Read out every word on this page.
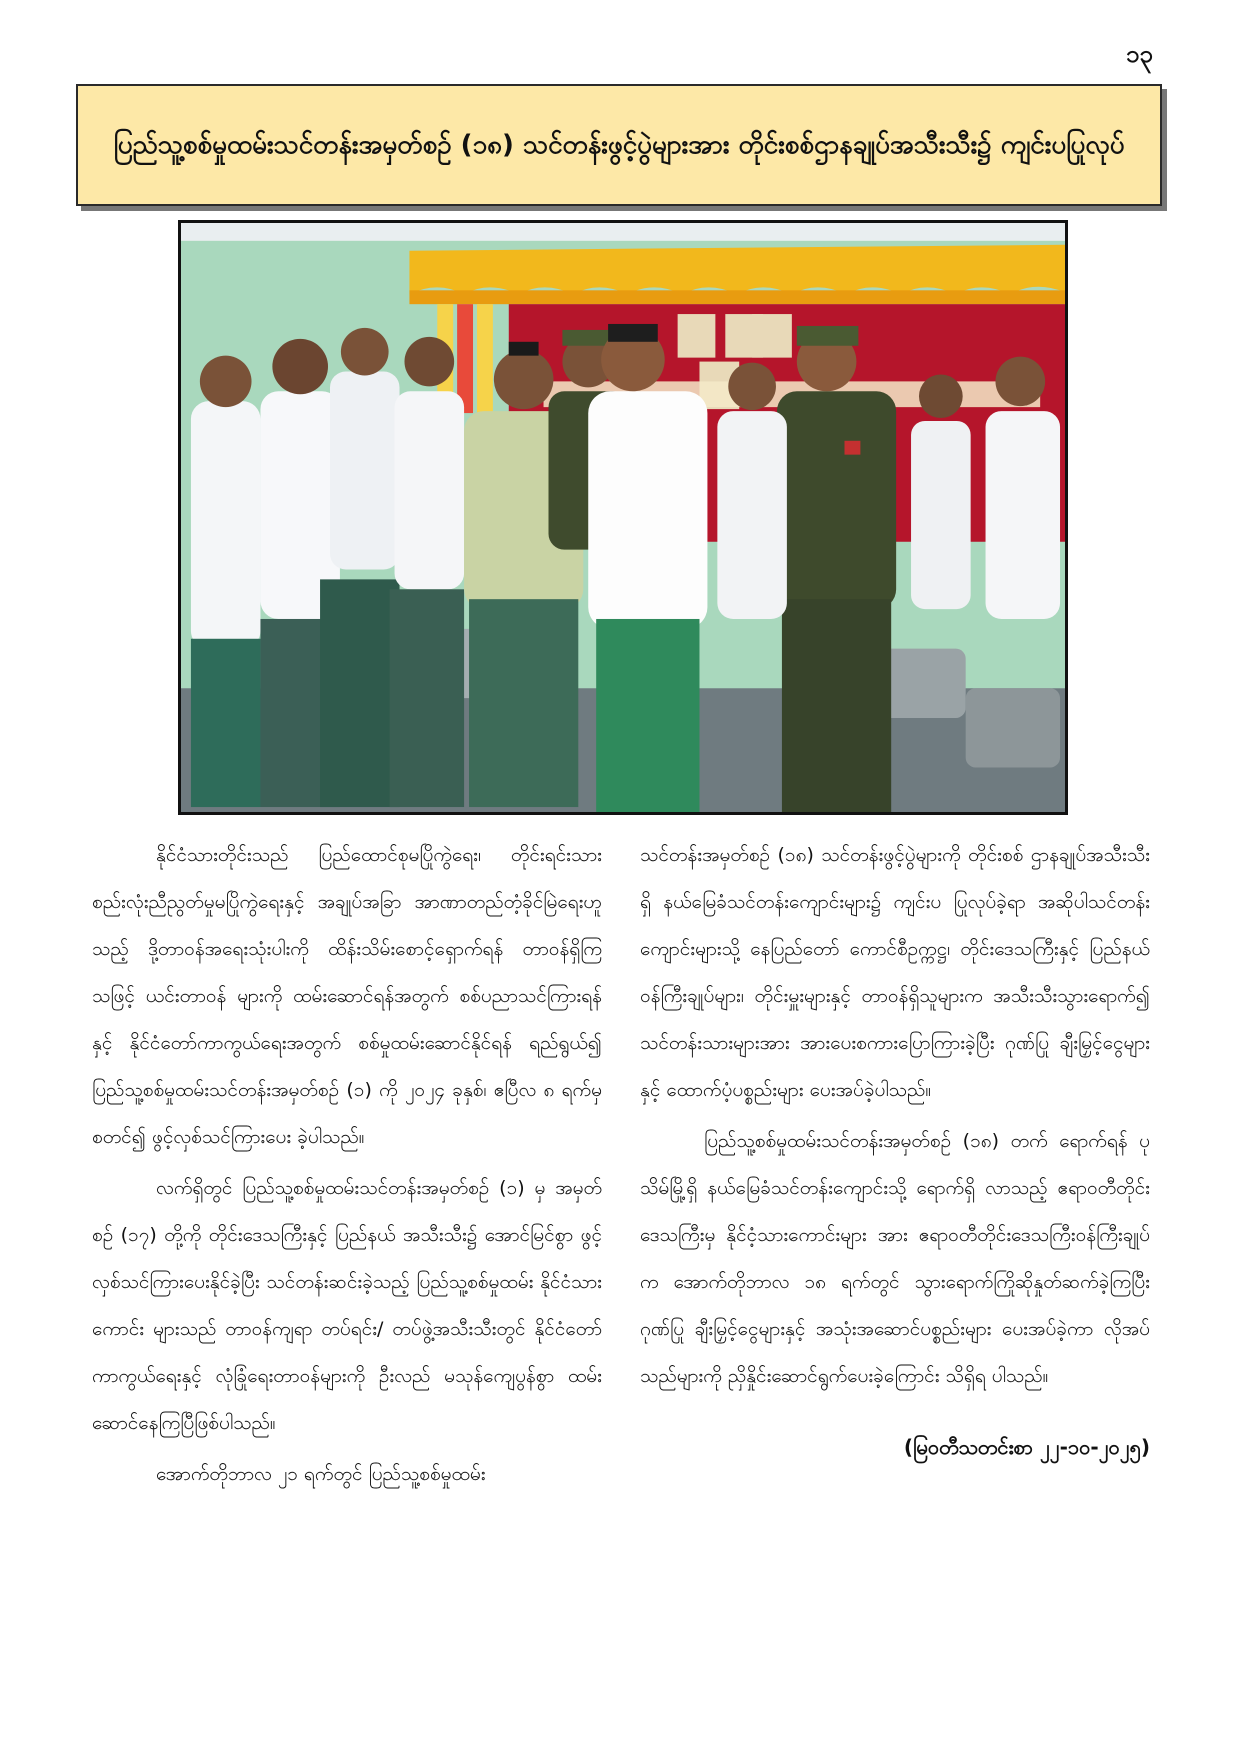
၁၃
ပြည်သူ့စစ်မှုထမ်းသင်တန်းအမှတ်စဉ် (၁၈) သင်တန်းဖွင့်ပွဲများအား တိုင်းစစ်ဌာနချုပ်အသီးသီး၌ ကျင်းပပြုလုပ်

နိုင်ငံသားတိုင်းသည် ပြည်ထောင်စုမပြိုကွဲရေး၊ တိုင်းရင်းသားစည်းလုံးညီညွတ်မှုမပြိုကွဲရေးနှင့် အချုပ်အခြာ အာဏာတည်တံ့ခိုင်မြဲရေးဟူသည့် ဒို့တာဝန်အရေးသုံးပါးကို ထိန်းသိမ်းစောင့်ရှောက်ရန် တာဝန်ရှိကြသဖြင့် ယင်းတာဝန် များကို ထမ်းဆောင်ရန်အတွက် စစ်ပညာသင်ကြားရန်နှင့် နိုင်ငံတော်ကာကွယ်ရေးအတွက် စစ်မှုထမ်းဆောင်နိုင်ရန် ရည်ရွယ်၍ ပြည်သူ့စစ်မှုထမ်းသင်တန်းအမှတ်စဉ် (၁) ကို ၂၀၂၄ ခုနှစ်၊ ဧပြီလ ၈ ရက်မှစတင်၍ ဖွင့်လှစ်သင်ကြားပေး ခဲ့ပါသည်။

လက်ရှိတွင် ပြည်သူ့စစ်မှုထမ်းသင်တန်းအမှတ်စဉ် (၁) မှ အမှတ်စဉ် (၁၇) တို့ကို တိုင်းဒေသကြီးနှင့် ပြည်နယ် အသီးသီး၌ အောင်မြင်စွာ ဖွင့်လှစ်သင်ကြားပေးနိုင်ခဲ့ပြီး သင်တန်းဆင်းခဲ့သည့် ပြည်သူ့စစ်မှုထမ်း နိုင်ငံသားကောင်း များသည် တာဝန်ကျရာ တပ်ရင်း/ တပ်ဖွဲ့အသီးသီးတွင် နိုင်ငံတော်ကာကွယ်ရေးနှင့် လုံခြုံရေးတာဝန်များကို ဦးလည် မသုန်ကျေပွန်စွာ ထမ်းဆောင်နေကြပြီဖြစ်ပါသည်။

အောက်တိုဘာလ ၂၁ ရက်တွင် ပြည်သူ့စစ်မှုထမ်း

သင်တန်းအမှတ်စဉ် (၁၈) သင်တန်းဖွင့်ပွဲများကို တိုင်းစစ် ဌာနချုပ်အသီးသီးရှိ နယ်မြေခံသင်တန်းကျောင်းများ၌ ကျင်းပ ပြုလုပ်ခဲ့ရာ အဆိုပါသင်တန်းကျောင်းများသို့ နေပြည်တော် ကောင်စီဥက္ကဋ္ဌ၊ တိုင်းဒေသကြီးနှင့် ပြည်နယ်ဝန်ကြီးချုပ်များ၊ တိုင်းမှူးများနှင့် တာဝန်ရှိသူများက အသီးသီးသွားရောက်၍ သင်တန်းသားများအား အားပေးစကားပြောကြားခဲ့ပြီး ဂုဏ်ပြု ချီးမြှင့်ငွေများနှင့် ထောက်ပံ့ပစ္စည်းများ ပေးအပ်ခဲ့ပါသည်။

ပြည်သူ့စစ်မှုထမ်းသင်တန်းအမှတ်စဉ် (၁၈) တက် ရောက်ရန် ပုသိမ်မြို့ရှိ နယ်မြေခံသင်တန်းကျောင်းသို့ ရောက်ရှိ လာသည့် ဧရာဝတီတိုင်းဒေသကြီးမှ နိုင်ငံ့သားကောင်းများ အား ဧရာဝတီတိုင်းဒေသကြီးဝန်ကြီးချုပ်က အောက်တိုဘာလ ၁၈ ရက်တွင် သွားရောက်ကြိုဆိုနှုတ်ဆက်ခဲ့ကြပြီး ဂုဏ်ပြု ချီးမြှင့်ငွေများနှင့် အသုံးအဆောင်ပစ္စည်းများ ပေးအပ်ခဲ့ကာ လိုအပ်သည်များကို ညှိနှိုင်းဆောင်ရွက်ပေးခဲ့ကြောင်း သိရှိရ ပါသည်။

(မြဝတီသတင်းစာ ၂၂-၁၀-၂၀၂၅)
